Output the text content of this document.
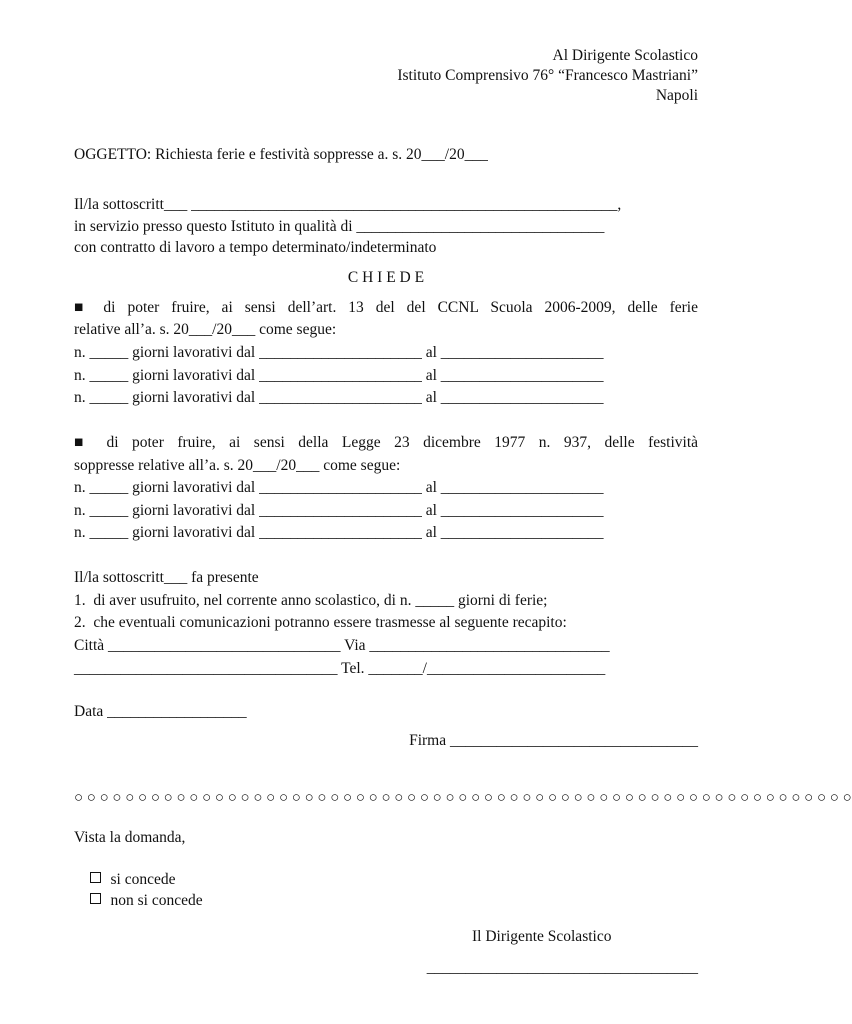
Al Dirigente Scolastico
Istituto Comprensivo 76° “Francesco Mastriani”
Napoli
OGGETTO: Richiesta ferie e festività soppresse a. s. 20___/20___
Il/la sottoscritt___ _______________________________________________________,
in servizio presso questo Istituto in qualità di ________________________________
con contratto di lavoro a tempo determinato/indeterminato
C H I E D E
■ di poter fruire, ai sensi dell’art. 13 del del CCNL Scuola 2006-2009, delle ferie
relative all’a. s. 20___/20___ come segue:
n. _____ giorni lavorativi dal _____________________ al _____________________
n. _____ giorni lavorativi dal _____________________ al _____________________
n. _____ giorni lavorativi dal _____________________ al _____________________
■ di poter fruire, ai sensi della Legge 23 dicembre 1977 n. 937, delle festività
soppresse relative all’a. s. 20___/20___ come segue:
n. _____ giorni lavorativi dal _____________________ al _____________________
n. _____ giorni lavorativi dal _____________________ al _____________________
n. _____ giorni lavorativi dal _____________________ al _____________________
Il/la sottoscritt___ fa presente
1.  di aver usufruito, nel corrente anno scolastico, di n. _____ giorni di ferie;
2.  che eventuali comunicazioni potranno essere trasmesse al seguente recapito:
Città ______________________________ Via _______________________________
__________________________________ Tel. _______/_______________________
Data __________________
Firma ________________________________
○ ○ ○ ○ ○ ○ ○ ○ ○ ○ ○ ○ ○ ○ ○ ○ ○ ○ ○ ○ ○ ○ ○ ○ ○ ○ ○ ○ ○ ○ ○ ○ ○ ○ ○ ○ ○ ○ ○ ○ ○ ○ ○ ○ ○ ○ ○ ○ ○ ○ ○ ○ ○ ○ ○ ○ ○ ○ ○ ○ ○
Vista la domanda,

si concede

non si concede

Il Dirigente Scolastico
___________________________________
